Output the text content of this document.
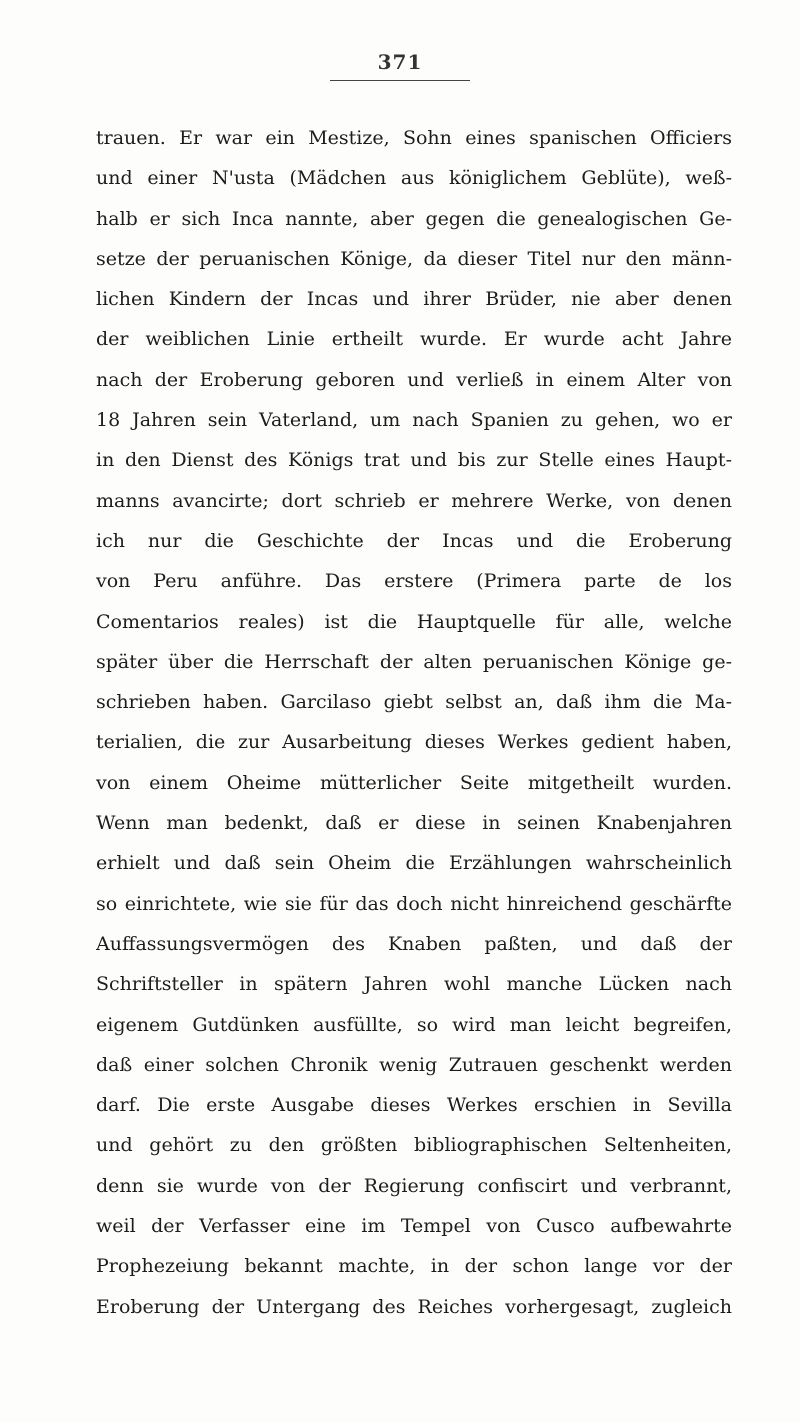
371
trauen. Er war ein Mestize, Sohn eines spanischen Officiers
und einer N'usta (Mädchen aus königlichem Geblüte), weß-
halb er sich Inca nannte, aber gegen die genealogischen Ge-
setze der peruanischen Könige, da dieser Titel nur den männ-
lichen Kindern der Incas und ihrer Brüder, nie aber denen
der weiblichen Linie ertheilt wurde. Er wurde acht Jahre
nach der Eroberung geboren und verließ in einem Alter von
18 Jahren sein Vaterland, um nach Spanien zu gehen, wo er
in den Dienst des Königs trat und bis zur Stelle eines Haupt-
manns avancirte; dort schrieb er mehrere Werke, von denen
ich nur die Geschichte der Incas und die Eroberung
von Peru anführe. Das erstere (Primera parte de los
Comentarios reales) ist die Hauptquelle für alle, welche
später über die Herrschaft der alten peruanischen Könige ge-
schrieben haben. Garcilaso giebt selbst an, daß ihm die Ma-
terialien, die zur Ausarbeitung dieses Werkes gedient haben,
von einem Oheime mütterlicher Seite mitgetheilt wurden.
Wenn man bedenkt, daß er diese in seinen Knabenjahren
erhielt und daß sein Oheim die Erzählungen wahrscheinlich
so einrichtete, wie sie für das doch nicht hinreichend geschärfte
Auffassungsvermögen des Knaben paßten, und daß der
Schriftsteller in spätern Jahren wohl manche Lücken nach
eigenem Gutdünken ausfüllte, so wird man leicht begreifen,
daß einer solchen Chronik wenig Zutrauen geschenkt werden
darf. Die erste Ausgabe dieses Werkes erschien in Sevilla
und gehört zu den größten bibliographischen Seltenheiten,
denn sie wurde von der Regierung confiscirt und verbrannt,
weil der Verfasser eine im Tempel von Cusco aufbewahrte
Prophezeiung bekannt machte, in der schon lange vor der
Eroberung der Untergang des Reiches vorhergesagt, zugleich
